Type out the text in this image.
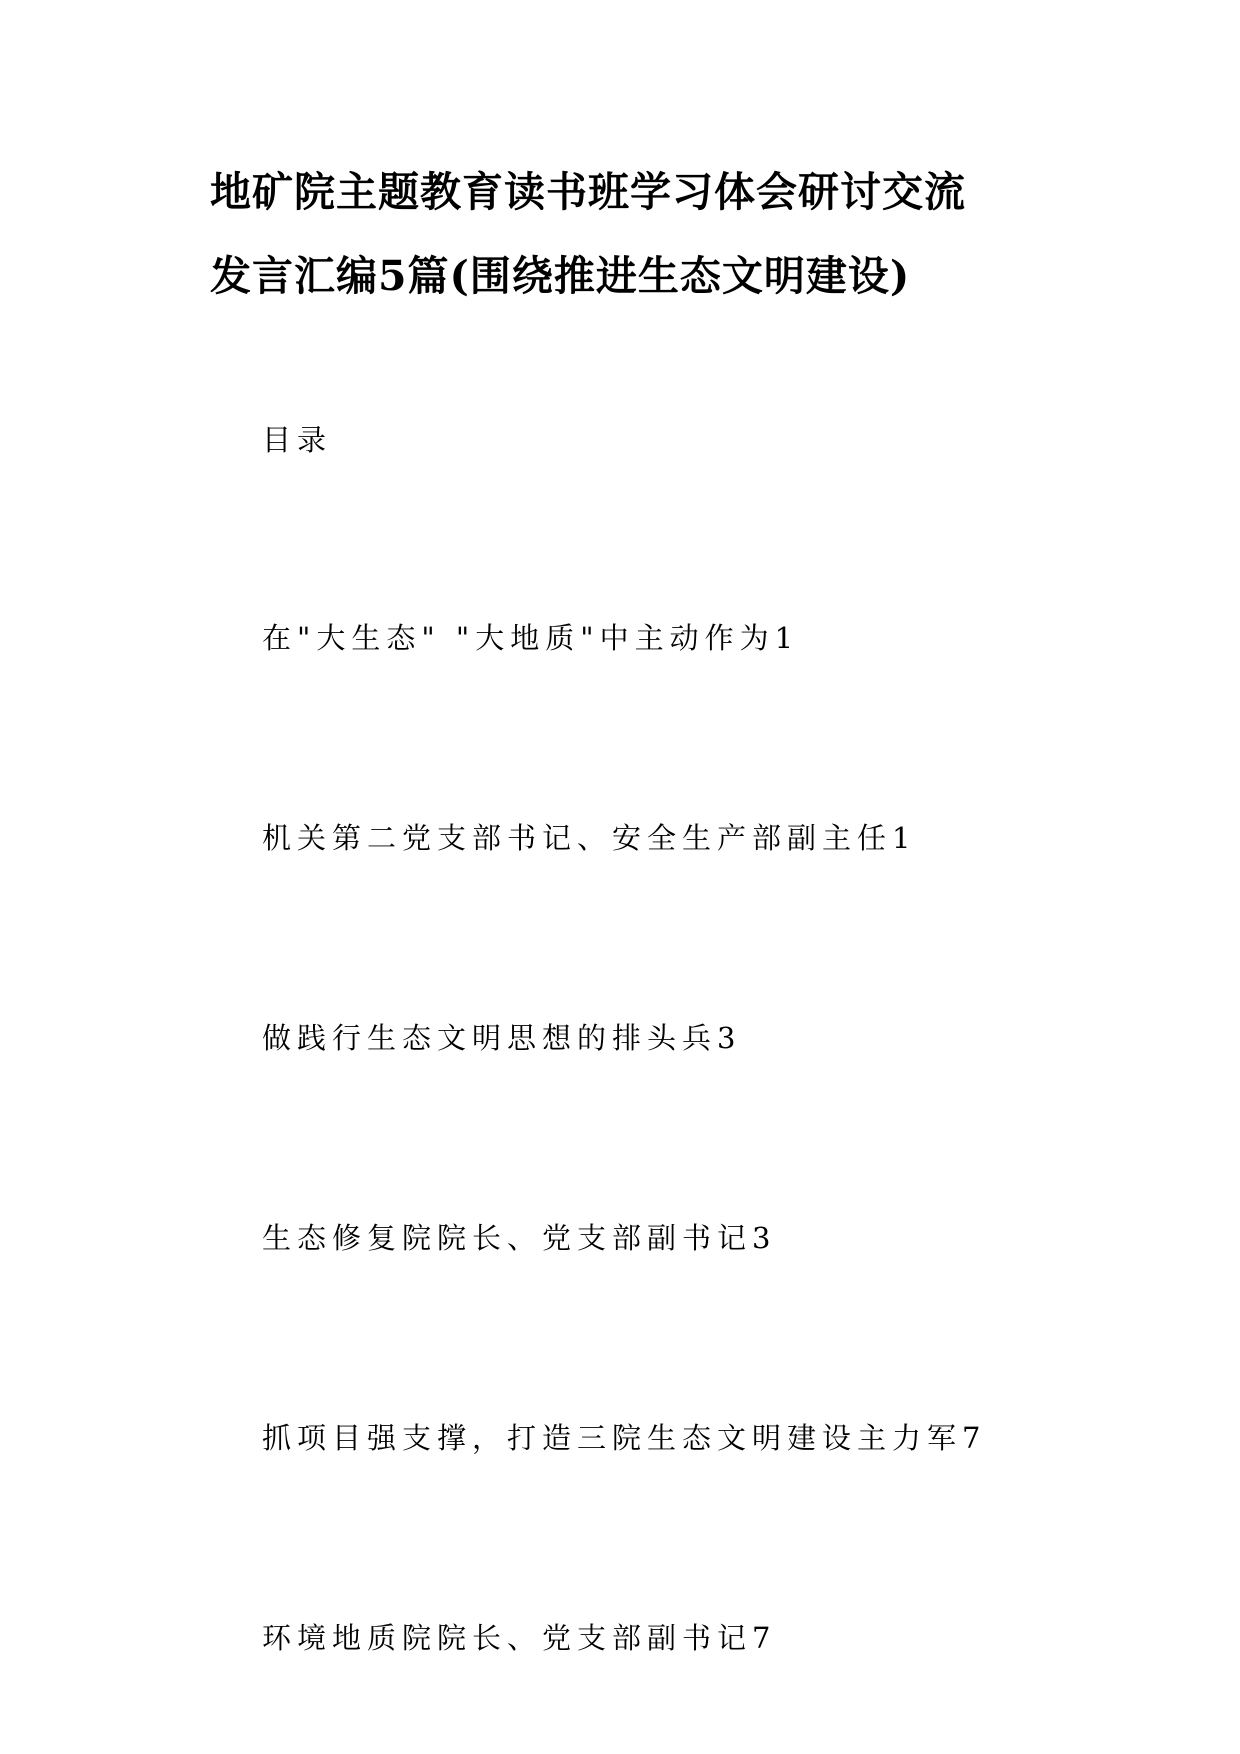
地矿院主题教育读书班学习体会研讨交流
发言汇编5篇(围绕推进生态文明建设)
目录
在"大生态" "大地质"中主动作为1
机关第二党支部书记、安全生产部副主任1
做践行生态文明思想的排头兵3
生态修复院院长、党支部副书记3
抓项目强支撑，打造三院生态文明建设主力军7
环境地质院院长、党支部副书记7
